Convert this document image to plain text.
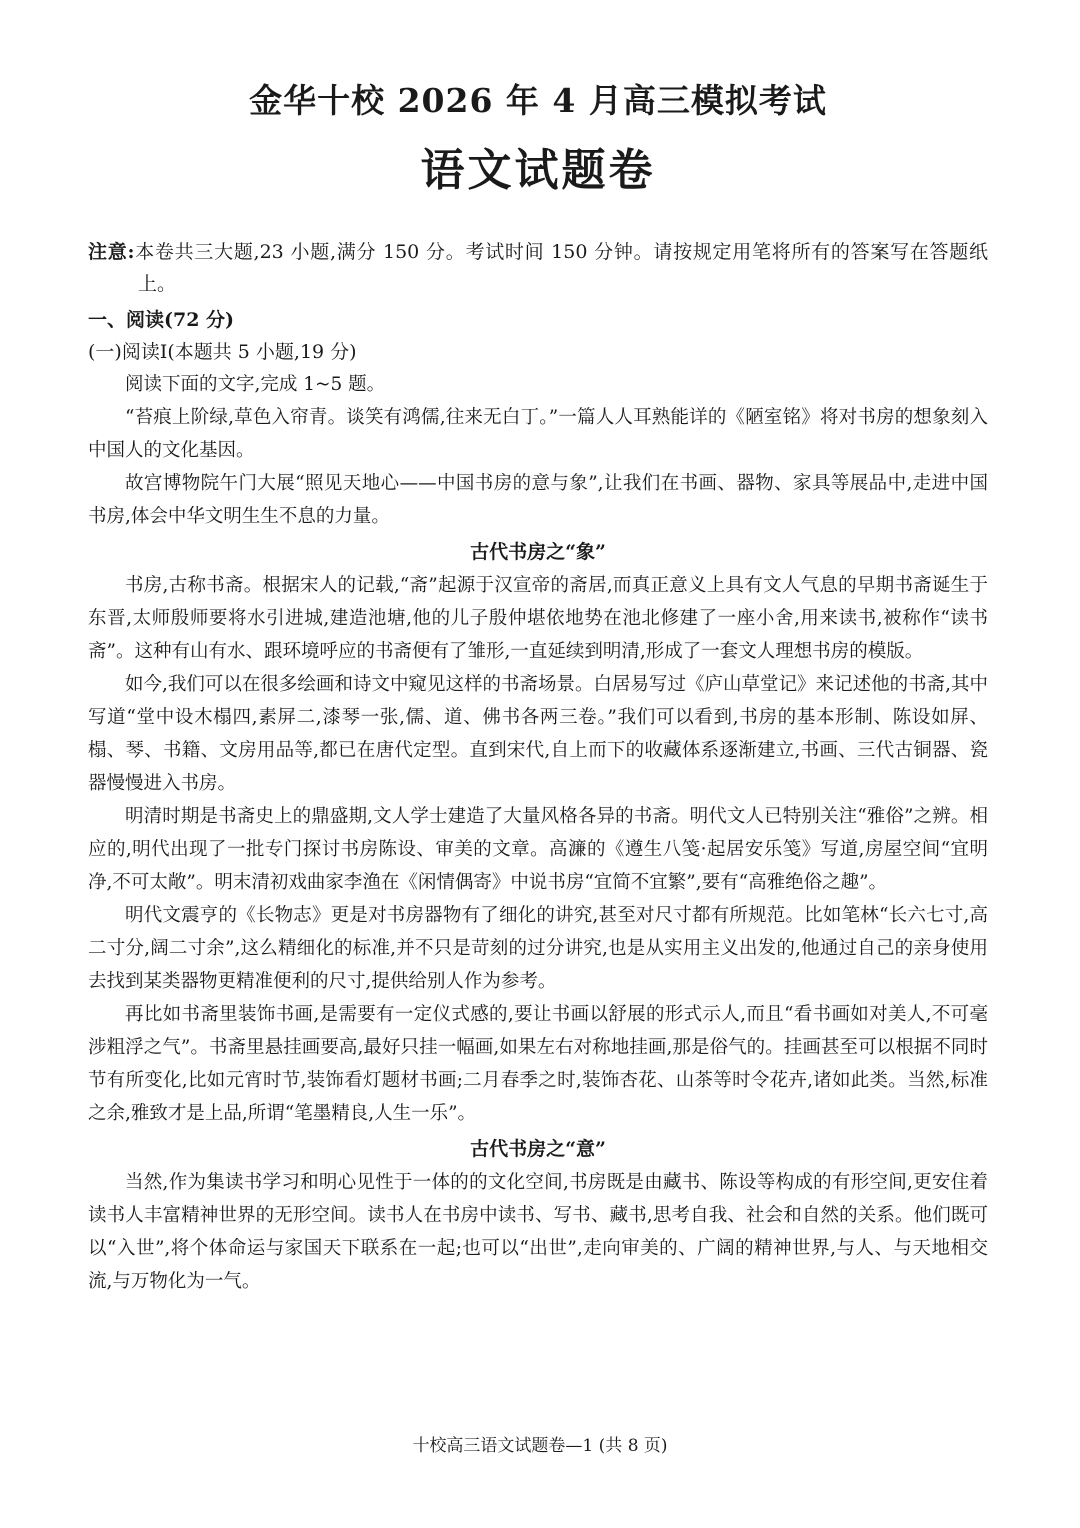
金华十校 2026 年 4 月高三模拟考试
语文试题卷
注意:本卷共三大题,23 小题,满分 150 分。考试时间 150 分钟。请按规定用笔将所有的答案写在答题纸上。
一、阅读(72 分)
(一)阅读Ⅰ(本题共 5 小题,19 分)

阅读下面的文字,完成 1~5 题。

“苔痕上阶绿,草色入帘青。谈笑有鸿儒,往来无白丁。”一篇人人耳熟能详的《陋室铭》将对书房的想象刻入中国人的文化基因。

故宫博物院午门大展“照见天地心——中国书房的意与象”,让我们在书画、器物、家具等展品中,走进中国书房,体会中华文明生生不息的力量。

古代书房之“象”

书房,古称书斋。根据宋人的记载,“斋”起源于汉宣帝的斋居,而真正意义上具有文人气息的早期书斋诞生于东晋,太师殷师要将水引进城,建造池塘,他的儿子殷仲堪依地势在池北修建了一座小舍,用来读书,被称作“读书斋”。这种有山有水、跟环境呼应的书斋便有了雏形,一直延续到明清,形成了一套文人理想书房的模版。

如今,我们可以在很多绘画和诗文中窥见这样的书斋场景。白居易写过《庐山草堂记》来记述他的书斋,其中写道“堂中设木榻四,素屏二,漆琴一张,儒、道、佛书各两三卷。”我们可以看到,书房的基本形制、陈设如屏、榻、琴、书籍、文房用品等,都已在唐代定型。直到宋代,自上而下的收藏体系逐渐建立,书画、三代古铜器、瓷器慢慢进入书房。

明清时期是书斋史上的鼎盛期,文人学士建造了大量风格各异的书斋。明代文人已特别关注“雅俗”之辨。相应的,明代出现了一批专门探讨书房陈设、审美的文章。高濂的《遵生八笺·起居安乐笺》写道,房屋空间“宜明净,不可太敞”。明末清初戏曲家李渔在《闲情偶寄》中说书房“宜简不宜繁”,要有“高雅绝俗之趣”。

明代文震亨的《长物志》更是对书房器物有了细化的讲究,甚至对尺寸都有所规范。比如笔林“长六七寸,高二寸分,阔二寸余”,这么精细化的标准,并不只是苛刻的过分讲究,也是从实用主义出发的,他通过自己的亲身使用去找到某类器物更精准便利的尺寸,提供给别人作为参考。

再比如书斋里装饰书画,是需要有一定仪式感的,要让书画以舒展的形式示人,而且“看书画如对美人,不可毫涉粗浮之气”。书斋里悬挂画要高,最好只挂一幅画,如果左右对称地挂画,那是俗气的。挂画甚至可以根据不同时节有所变化,比如元宵时节,装饰看灯题材书画;二月春季之时,装饰杏花、山茶等时令花卉,诸如此类。当然,标准之余,雅致才是上品,所谓“笔墨精良,人生一乐”。

古代书房之“意”

当然,作为集读书学习和明心见性于一体的的文化空间,书房既是由藏书、陈设等构成的有形空间,更安住着读书人丰富精神世界的无形空间。读书人在书房中读书、写书、藏书,思考自我、社会和自然的关系。他们既可以“入世”,将个体命运与家国天下联系在一起;也可以“出世”,走向审美的、广阔的精神世界,与人、与天地相交流,与万物化为一气。

十校高三语文试题卷—1 (共 8 页)
